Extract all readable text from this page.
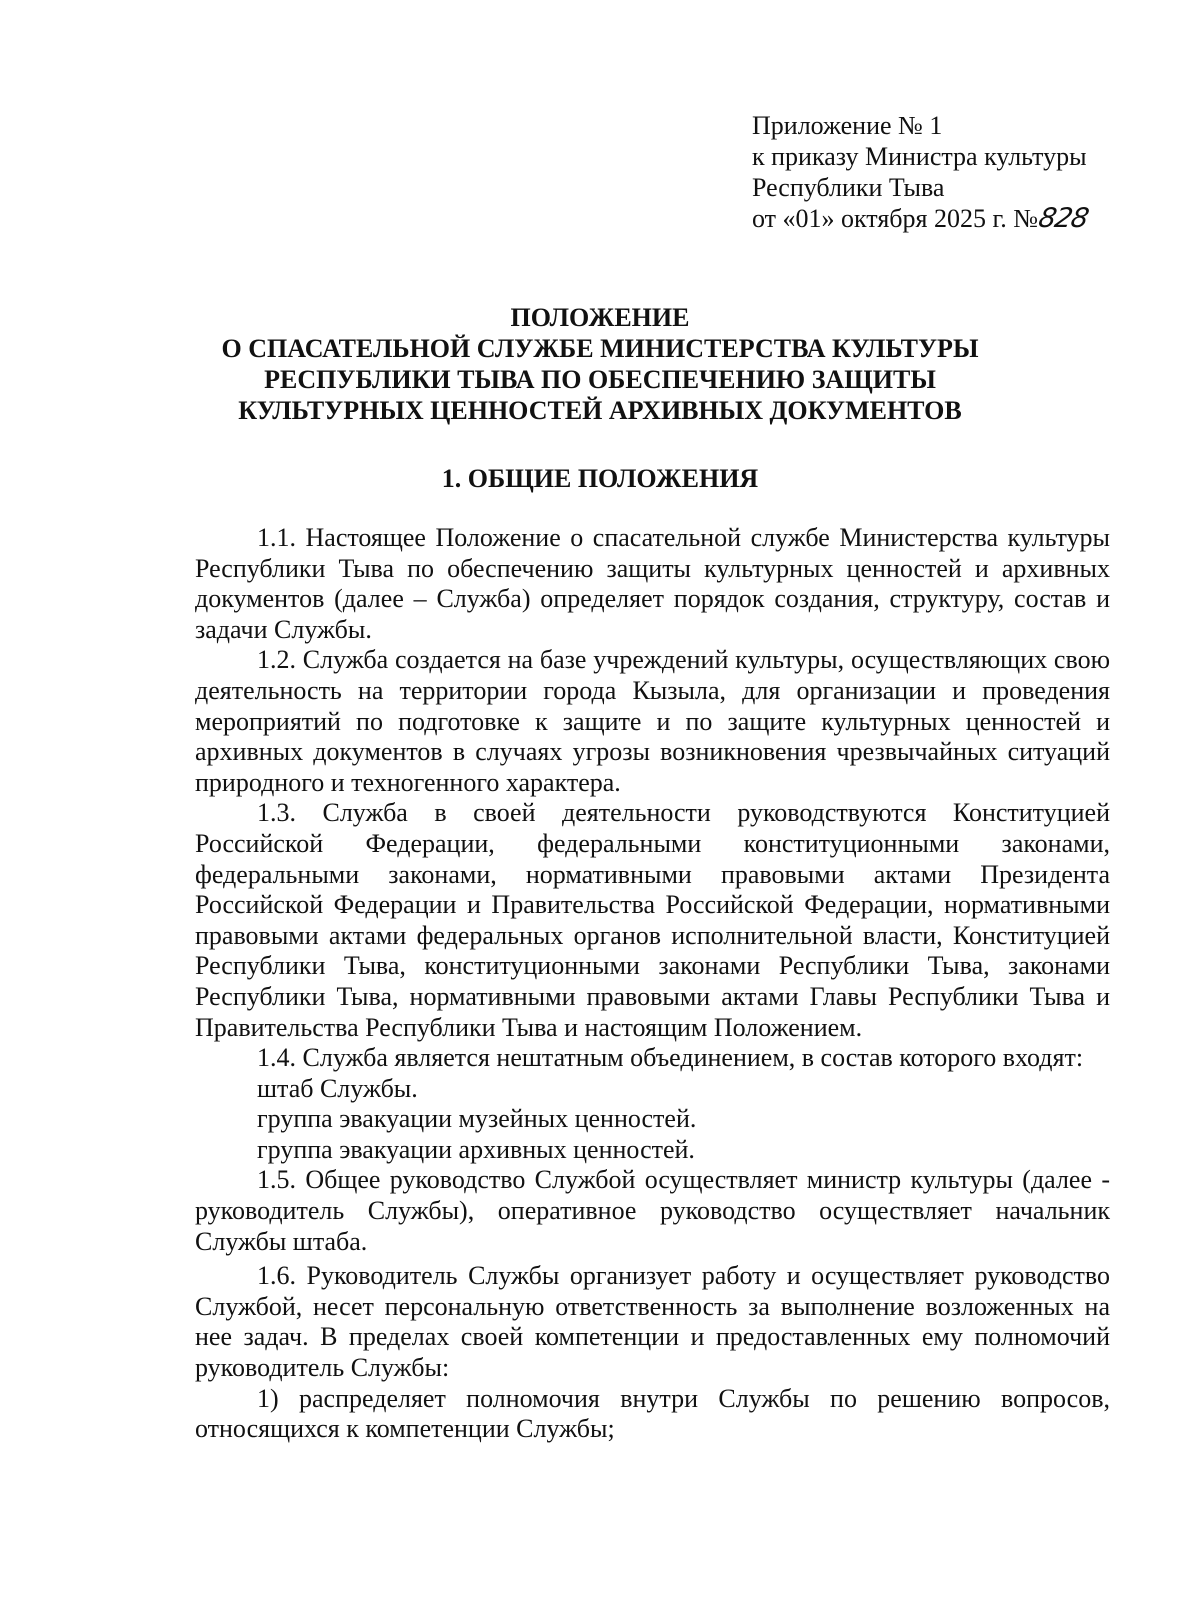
Приложение № 1
к приказу Министра культуры
Республики Тыва
от «01» октября 2025 г. №828
ПОЛОЖЕНИЕ
О СПАСАТЕЛЬНОЙ СЛУЖБЕ МИНИСТЕРСТВА КУЛЬТУРЫ
РЕСПУБЛИКИ ТЫВА ПО ОБЕСПЕЧЕНИЮ ЗАЩИТЫ
КУЛЬТУРНЫХ ЦЕННОСТЕЙ АРХИВНЫХ ДОКУМЕНТОВ
1. ОБЩИЕ ПОЛОЖЕНИЯ

1.1. Настоящее Положение о спасательной службе Министерства культуры Республики Тыва по обеспечению защиты культурных ценностей и архивных документов (далее – Служба) определяет порядок создания, структуру, состав и задачи Службы.

1.2. Служба создается на базе учреждений культуры, осуществляющих свою деятельность на территории города Кызыла, для организации и проведения мероприятий по подготовке к защите и по защите культурных ценностей и архивных документов в случаях угрозы возникновения чрезвычайных ситуаций природного и техногенного характера.

1.3. Служба в своей деятельности руководствуются Конституцией Российской Федерации, федеральными конституционными законами, федеральными законами, нормативными правовыми актами Президента Российской Федерации и Правительства Российской Федерации, нормативными правовыми актами федеральных органов исполнительной власти, Конституцией Республики Тыва, конституционными законами Республики Тыва, законами Республики Тыва, нормативными правовыми актами Главы Республики Тыва и Правительства Республики Тыва и настоящим Положением.

1.4. Служба является нештатным объединением, в состав которого входят:

штаб Службы.

группа эвакуации музейных ценностей.

группа эвакуации архивных ценностей.

1.5. Общее руководство Службой осуществляет министр культуры (далее - руководитель Службы), оперативное руководство осуществляет начальник Службы штаба.

1.6. Руководитель Службы организует работу и осуществляет руководство Службой, несет персональную ответственность за выполнение возложенных на нее задач. В пределах своей компетенции и предоставленных ему полномочий руководитель Службы:

1) распределяет полномочия внутри Службы по решению вопросов, относящихся к компетенции Службы;
